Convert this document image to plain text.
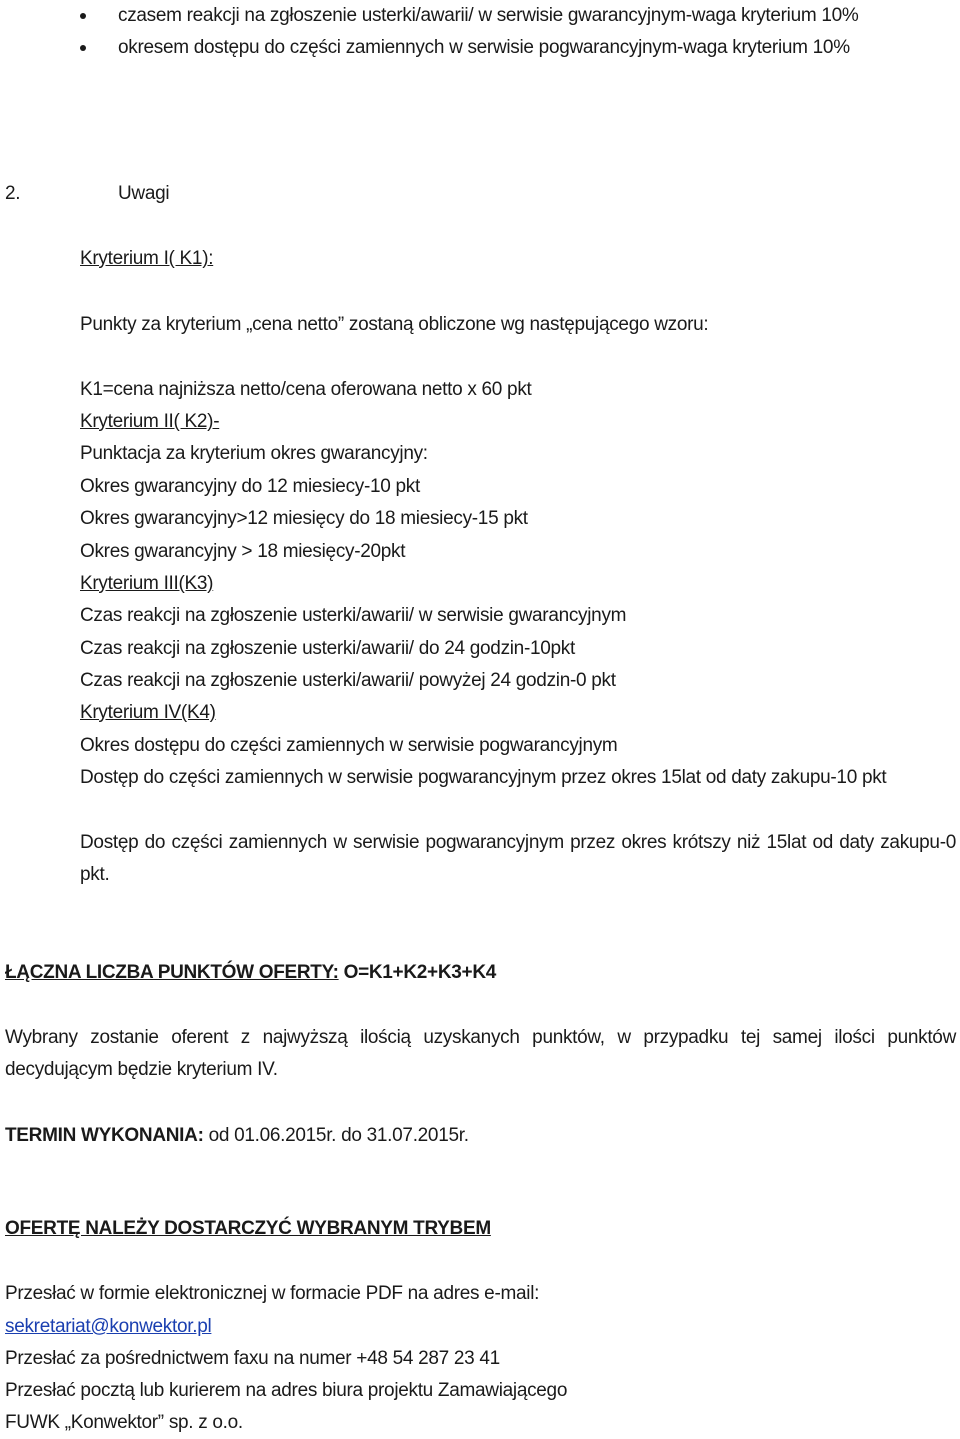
czasem reakcji na zgłoszenie usterki/awarii/ w serwisie gwarancyjnym-waga kryterium 10%
okresem dostępu do części zamiennych w serwisie pogwarancyjnym-waga kryterium 10%

2.	Uwagi

Kryterium I( K1):

Punkty za kryterium „cena netto” zostaną obliczone wg następującego wzoru:

K1=cena najniższa netto/cena oferowana netto x 60 pkt

Kryterium II( K2)-

Punktacja za kryterium okres gwarancyjny:

Okres gwarancyjny do 12 miesiecy-10 pkt

Okres gwarancyjny>12 miesięcy do 18 miesiecy-15 pkt

Okres gwarancyjny > 18 miesięcy-20pkt

Kryterium III(K3)

Czas reakcji na zgłoszenie usterki/awarii/ w serwisie gwarancyjnym

Czas reakcji na zgłoszenie usterki/awarii/ do 24 godzin-10pkt

Czas reakcji na zgłoszenie usterki/awarii/ powyżej 24 godzin-0 pkt

Kryterium IV(K4)

Okres dostępu do części zamiennych w serwisie pogwarancyjnym

Dostęp do części zamiennych w serwisie pogwarancyjnym przez okres 15lat od daty zakupu-10 pkt

Dostęp do części zamiennych w serwisie pogwarancyjnym przez okres krótszy niż 15lat od daty zakupu-0 pkt.

ŁĄCZNA LICZBA PUNKTÓW OFERTY: O=K1+K2+K3+K4

Wybrany zostanie oferent z najwyższą ilością uzyskanych punktów, w przypadku tej samej ilości punktów decydującym będzie kryterium IV.

TERMIN WYKONANIA: od 01.06.2015r. do 31.07.2015r.

OFERTĘ NALEŻY DOSTARCZYĆ WYBRANYM TRYBEM

Przesłać w formie elektronicznej w formacie PDF na adres e-mail:

sekretariat@konwektor.pl

Przesłać za pośrednictwem faxu na numer +48 54 287 23 41

Przesłać pocztą lub kurierem na adres biura projektu Zamawiającego

FUWK „Konwektor” sp. z o.o.
